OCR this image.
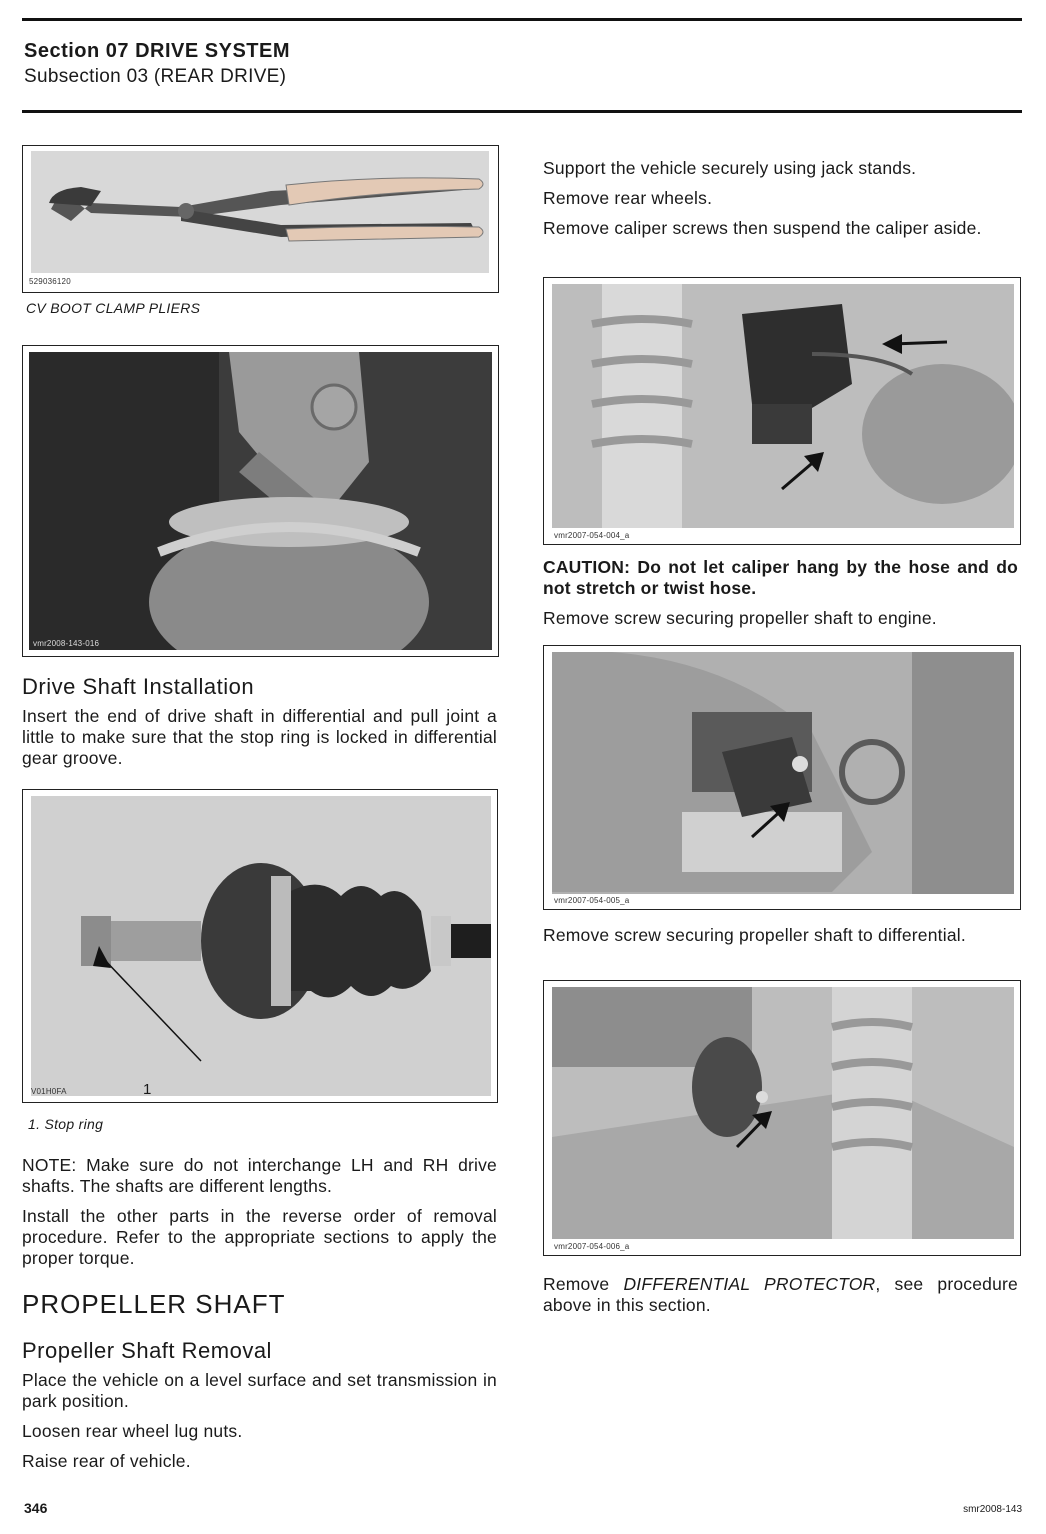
Section 07 DRIVE SYSTEM
Subsection 03 (REAR DRIVE)
529036120
CV BOOT CLAMP PLIERS
vmr2008-143-016
Drive Shaft Installation

Insert the end of drive shaft in differential and pull joint a little to make sure that the stop ring is locked in differential gear groove.

V01H0FA	1
1. Stop ring

NOTE: Make sure do not interchange LH and RH drive shafts. The shafts are different lengths.

Install the other parts in the reverse order of removal procedure. Refer to the appropriate sections to apply the proper torque.

PROPELLER SHAFT
Propeller Shaft Removal

Place the vehicle on a level surface and set transmission in park position.

Loosen rear wheel lug nuts.

Raise rear of vehicle.

Support the vehicle securely using jack stands.

Remove rear wheels.

Remove caliper screws then suspend the caliper aside.

vmr2007-054-004_a

CAUTION: Do not let caliper hang by the hose and do not stretch or twist hose.

Remove screw securing propeller shaft to engine.

vmr2007-054-005_a

Remove screw securing propeller shaft to differential.

vmr2007-054-006_a

Remove DIFFERENTIAL PROTECTOR, see procedure above in this section.

346	smr2008-143
